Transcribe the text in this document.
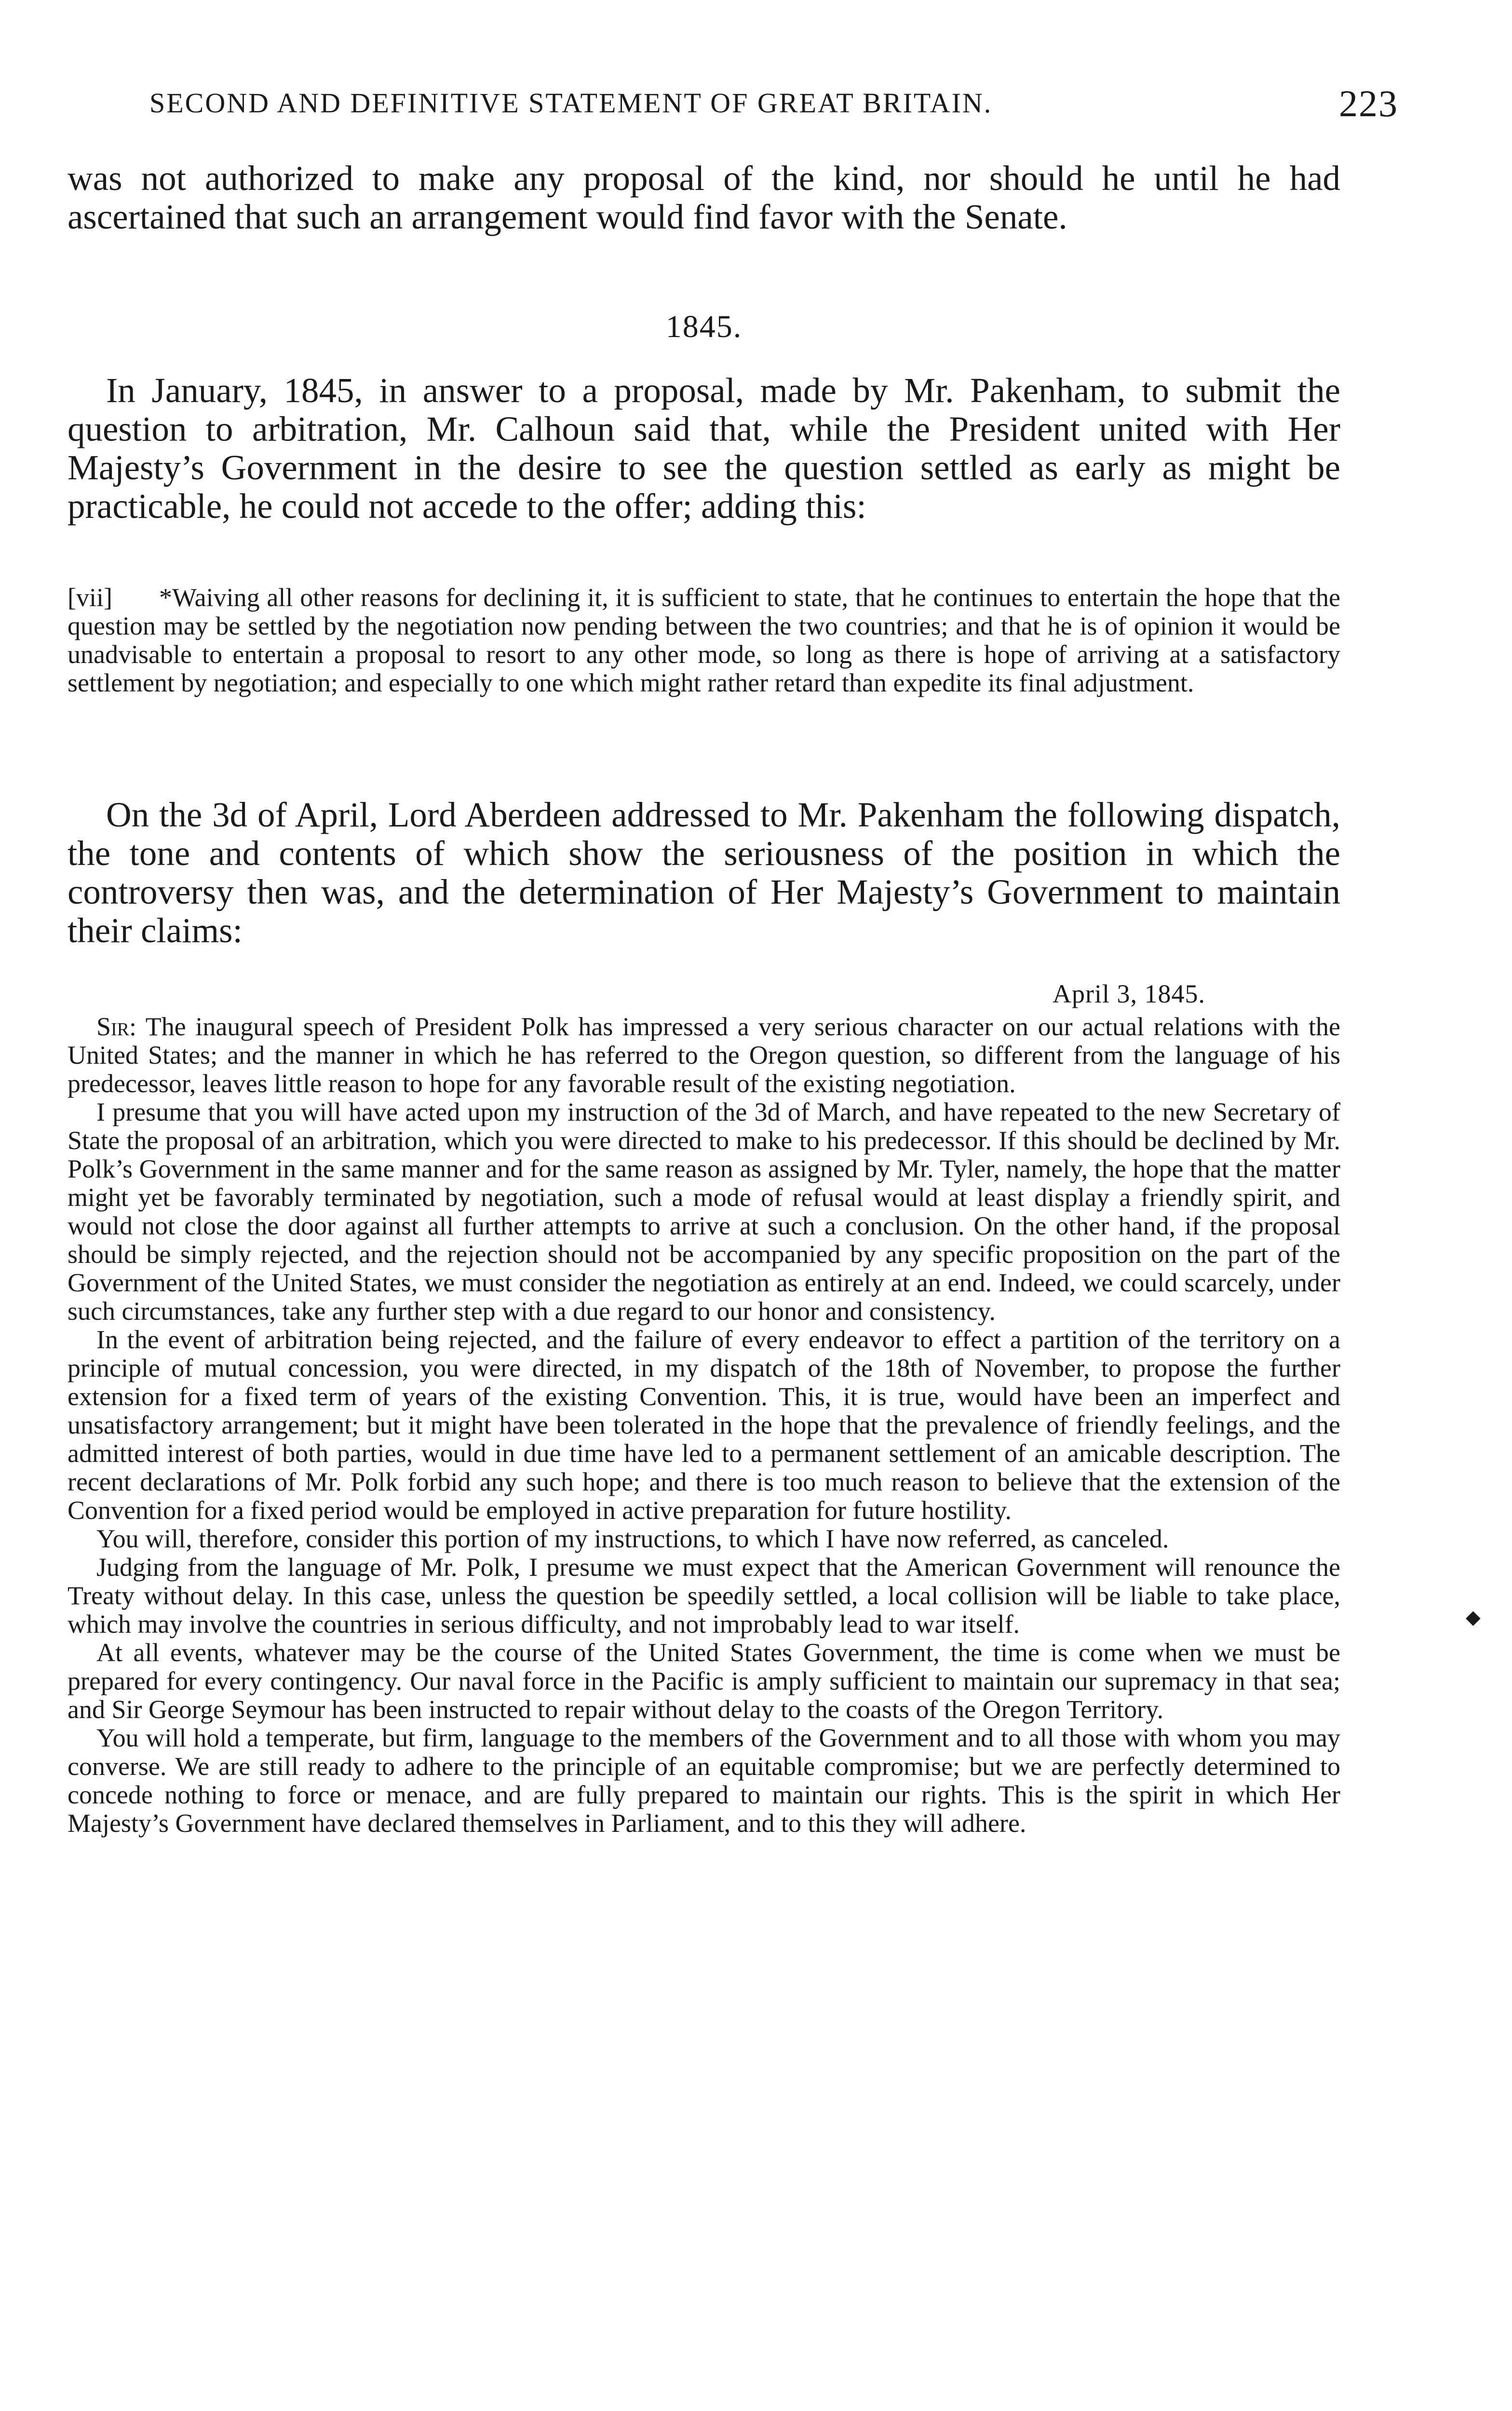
SECOND AND DEFINITIVE STATEMENT OF GREAT BRITAIN.	223

was not authorized to make any proposal of the kind, nor should he until he had ascertained that such an arrangement would find favor with the Senate.

1845.

In January, 1845, in answer to a proposal, made by Mr. Pakenham, to submit the question to arbitration, Mr. Calhoun said that, while the President united with Her Majesty’s Government in the desire to see the question settled as early as might be practicable, he could not accede to the offer; adding this:

[vii]	*Waiving all other reasons for declining it, it is sufficient to state, that he continues to entertain the hope that the question may be settled by the negotiation now pending between the two countries; and that he is of opinion it would be unadvisable to entertain a proposal to resort to any other mode, so long as there is hope of arriving at a satisfactory settlement by negotiation; and especially to one which might rather retard than expedite its final adjustment.

On the 3d of April, Lord Aberdeen addressed to Mr. Pakenham the following dispatch, the tone and contents of which show the seriousness of the position in which the controversy then was, and the determination of Her Majesty’s Government to maintain their claims:

April 3, 1845.

Sir: The inaugural speech of President Polk has impressed a very serious character on our actual relations with the United States; and the manner in which he has referred to the Oregon question, so different from the language of his predecessor, leaves little reason to hope for any favorable result of the existing negotiation.

I presume that you will have acted upon my instruction of the 3d of March, and have repeated to the new Secretary of State the proposal of an arbitration, which you were directed to make to his predecessor. If this should be declined by Mr. Polk’s Government in the same manner and for the same reason as assigned by Mr. Tyler, namely, the hope that the matter might yet be favorably terminated by negotiation, such a mode of refusal would at least display a friendly spirit, and would not close the door against all further attempts to arrive at such a conclusion. On the other hand, if the proposal should be simply rejected, and the rejection should not be accompanied by any specific proposition on the part of the Government of the United States, we must consider the negotiation as entirely at an end. Indeed, we could scarcely, under such circumstances, take any further step with a due regard to our honor and consistency.

In the event of arbitration being rejected, and the failure of every endeavor to effect a partition of the territory on a principle of mutual concession, you were directed, in my dispatch of the 18th of November, to propose the further extension for a fixed term of years of the existing Convention. This, it is true, would have been an imperfect and unsatisfactory arrangement; but it might have been tolerated in the hope that the prevalence of friendly feelings, and the admitted interest of both parties, would in due time have led to a permanent settlement of an amicable description. The recent declarations of Mr. Polk forbid any such hope; and there is too much reason to believe that the extension of the Convention for a fixed period would be employed in active preparation for future hostility.

You will, therefore, consider this portion of my instructions, to which I have now referred, as canceled.

Judging from the language of Mr. Polk, I presume we must expect that the American Government will renounce the Treaty without delay. In this case, unless the question be speedily settled, a local collision will be liable to take place, which may involve the countries in serious difficulty, and not improbably lead to war itself.

At all events, whatever may be the course of the United States Government, the time is come when we must be prepared for every contingency. Our naval force in the Pacific is amply sufficient to maintain our supremacy in that sea; and Sir George Seymour has been instructed to repair without delay to the coasts of the Oregon Territory.

You will hold a temperate, but firm, language to the members of the Government and to all those with whom you may converse. We are still ready to adhere to the principle of an equitable compromise; but we are perfectly determined to concede nothing to force or menace, and are fully prepared to maintain our rights. This is the spirit in which Her Majesty’s Government have declared themselves in Parliament, and to this they will adhere.

◆
